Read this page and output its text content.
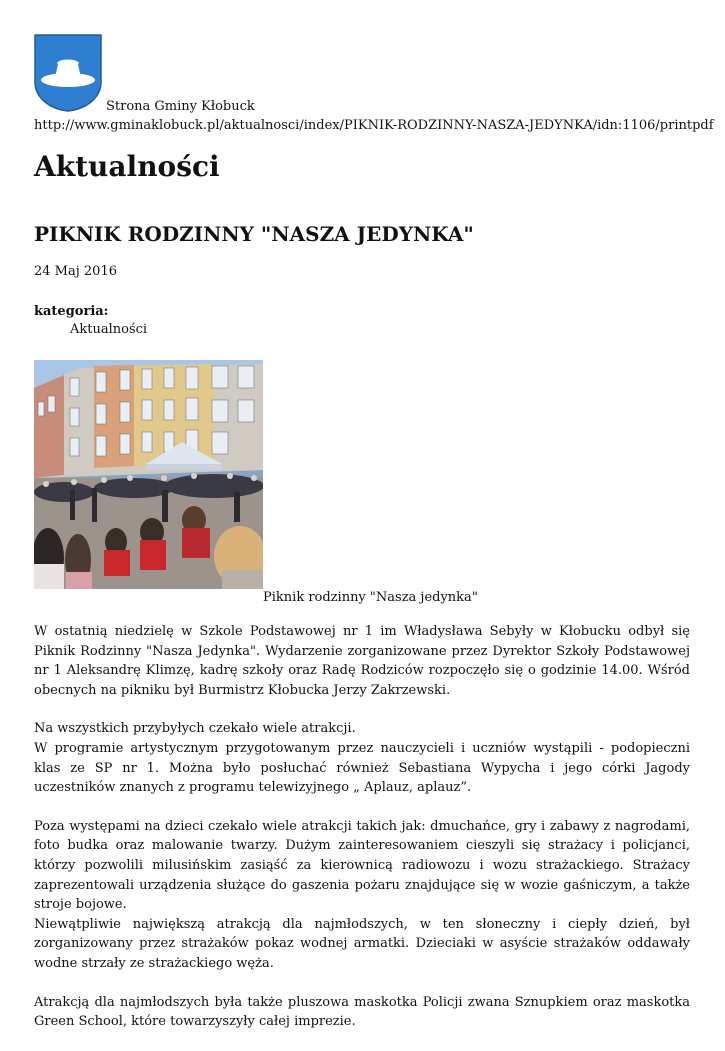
Strona Gminy Kłobuck
http://www.gminaklobuck.pl/aktualnosci/index/PIKNIK-RODZINNY-NASZA-JEDYNKA/idn:1106/printpdf
Aktualności
PIKNIK RODZINNY "NASZA JEDYNKA"
24 Maj 2016
kategoria:
Aktualności
Piknik rodzinny "Nasza jedynka"

W ostatnią niedzielę w Szkole Podstawowej nr 1 im Władysława Sebyły w Kłobucku odbył się Piknik Rodzinny "Nasza Jedynka". Wydarzenie zorganizowane przez Dyrektor Szkoły Podstawowej nr 1 Aleksandrę Klimzę, kadrę szkoły oraz Radę Rodziców rozpoczęło się o godzinie 14.00. Wśród obecnych na pikniku był Burmistrz Kłobucka Jerzy Zakrzewski.

Na wszystkich przybyłych czekało wiele atrakcji.
W programie artystycznym przygotowanym przez nauczycieli i uczniów wystąpili - podopieczni klas ze SP nr 1. Można było posłuchać również Sebastiana Wypycha i jego córki Jagody uczestników znanych z programu telewizyjnego „ Aplauz, aplauz”.

Poza występami na dzieci czekało wiele atrakcji takich jak: dmuchańce, gry i zabawy z nagrodami, foto budka oraz malowanie twarzy. Dużym zainteresowaniem cieszyli się strażacy i policjanci, którzy pozwolili milusińskim zasiąść za kierownicą radiowozu i wozu strażackiego. Strażacy zaprezentowali urządzenia służące do gaszenia pożaru znajdujące się w wozie gaśniczym, a także stroje bojowe.
Niewątpliwie największą atrakcją dla najmłodszych, w ten słoneczny i ciepły dzień, był zorganizowany przez strażaków pokaz wodnej armatki. Dzieciaki w asyście strażaków oddawały wodne strzały ze strażackiego węża.

Atrakcją dla najmłodszych była także pluszowa maskotka Policji zwana Sznupkiem oraz maskotka Green School, które towarzyszyły całej imprezie.
